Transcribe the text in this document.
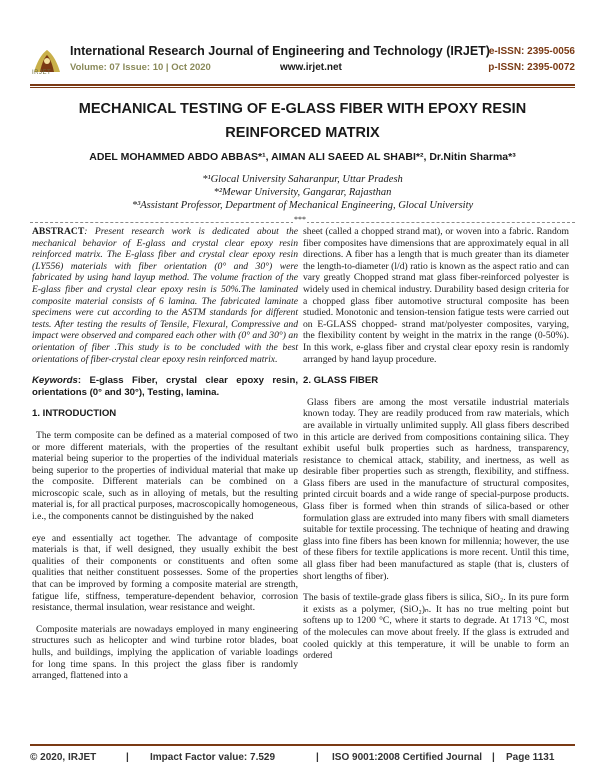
IRJET
International Research Journal of Engineering and Technology (IRJET)
e-ISSN: 2395-0056
Volume: 07 Issue: 10 | Oct 2020	www.irjet.net	p-ISSN: 2395-0072
MECHANICAL TESTING OF E-GLASS FIBER WITH EPOXY RESIN
REINFORCED MATRIX
ADEL MOHAMMED ABDO ABBAS*¹, AIMAN ALI SAEED AL SHABI*², Dr.Nitin Sharma*³
*¹Glocal University Saharanpur, Uttar Pradesh
*²Mewar University, Gangarar, Rajasthan
*³Assistant Professor, Department of Mechanical Engineering, Glocal University
***

ABSTRACT: Present research work is dedicated about the mechanical behavior of E-glass and crystal clear epoxy resin reinforced matrix. The E-glass fiber and crystal clear epoxy resin (LY556) materials with fiber orientation (0° and 30°) were fabricated by using hand layup method. The volume fraction of the E-glass fiber and crystal clear epoxy resin is 50%.The laminated composite material consists of 6 lamina. The fabricated laminate specimens were cut according to the ASTM standards for different tests. After testing the results of Tensile, Flexural, Compressive and impact were observed and compared each other with (0° and 30°) an orientation of fiber .This study is to be concluded with the best orientations of fiber-crystal clear epoxy resin reinforced matrix.

Keywords: E-glass Fiber, crystal clear epoxy resin, orientations (0° and 30°), Testing, lamina.

1. INTRODUCTION

The term composite can be defined as a material composed of two or more different materials, with the properties of the resultant material being superior to the properties of the individual materials being superior to the properties of individual material that make up the composite. Different materials can be combined on a microscopic scale, such as in alloying of metals, but the resulting material is, for all practical purposes, macroscopically homogeneous, i.e., the components cannot be distinguished by the naked

eye and essentially act together. The advantage of composite materials is that, if well designed, they usually exhibit the best qualities of their components or constituents and often some qualities that neither constituent possesses. Some of the properties that can be improved by forming a composite material are strength, fatigue life, stiffness, temperature-dependent behavior, corrosion resistance, thermal insulation, wear resistance and weight.

Composite materials are nowadays employed in many engineering structures such as helicopter and wind turbine rotor blades, boat hulls, and buildings, implying the application of variable loadings for long time spans. In this project the glass fiber is randomly arranged, flattened into a

sheet (called a chopped strand mat), or woven into a fabric. Random fiber composites have dimensions that are approximately equal in all directions. A fiber has a length that is much greater than its diameter the length-to-diameter (l/d) ratio is known as the aspect ratio and can vary greatly Chopped strand mat glass fiber-reinforced polyester is widely used in chemical industry. Durability based design criteria for a chopped glass fiber automotive structural composite has been studied. Monotonic and tension-tension fatigue tests were carried out on E-GLASS chopped- strand mat/polyester composites, varying, the flexibility content by weight in the matrix in the range (0-50%). In this work, e-glass fiber and crystal clear epoxy resin is randomly arranged by hand layup procedure.

2. GLASS FIBER

Glass fibers are among the most versatile industrial materials known today. They are readily produced from raw materials, which are available in virtually unlimited supply. All glass fibers described in this article are derived from compositions containing silica. They exhibit useful bulk properties such as hardness, transparency, resistance to chemical attack, stability, and inertness, as well as desirable fiber properties such as strength, flexibility, and stiffness. Glass fibers are used in the manufacture of structural composites, printed circuit boards and a wide range of special-purpose products. Glass fiber is formed when thin strands of silica-based or other formulation glass are extruded into many fibers with small diameters suitable for textile processing. The technique of heating and drawing glass into fine fibers has been known for millennia; however, the use of these fibers for textile applications is more recent. Until this time, all glass fiber had been manufactured as staple (that is, clusters of short lengths of fiber).

The basis of textile-grade glass fibers is silica, SiO₂. In its pure form it exists as a polymer, (SiO₂)ₙ. It has no true melting point but softens up to 1200 °C, where it starts to degrade. At 1713 °C, most of the molecules can move about freely. If the glass is extruded and cooled quickly at this temperature, it will be unable to form an ordered

© 2020, IRJET	| Impact Factor value: 7.529	| ISO 9001:2008 Certified Journal | Page 1131
